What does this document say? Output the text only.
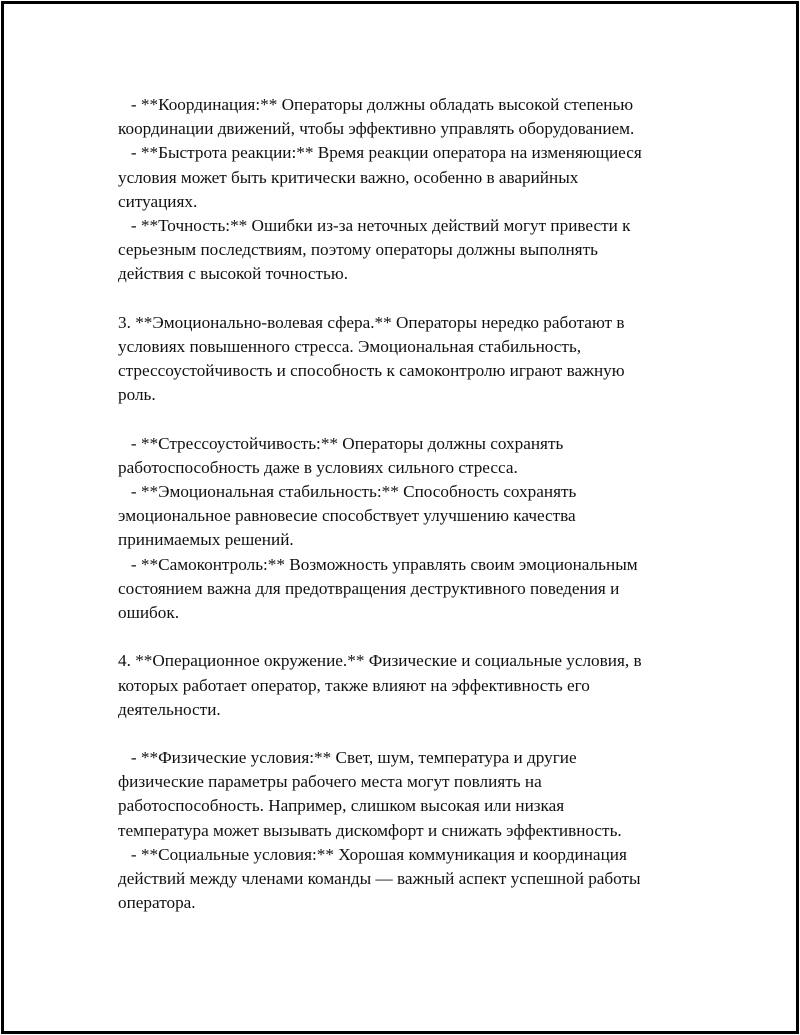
- **Координация:** Операторы должны обладать высокой степенью
координации движений, чтобы эффективно управлять оборудованием.
- **Быстрота реакции:** Время реакции оператора на изменяющиеся
условия может быть критически важно, особенно в аварийных
ситуациях.
- **Точность:** Ошибки из-за неточных действий могут привести к
серьезным последствиям, поэтому операторы должны выполнять
действия с высокой точностью.
3. **Эмоционально-волевая сфера.** Операторы нередко работают в
условиях повышенного стресса. Эмоциональная стабильность,
стрессоустойчивость и способность к самоконтролю играют важную
роль.
- **Стрессоустойчивость:** Операторы должны сохранять
работоспособность даже в условиях сильного стресса.
- **Эмоциональная стабильность:** Способность сохранять
эмоциональное равновесие способствует улучшению качества
принимаемых решений.
- **Самоконтроль:** Возможность управлять своим эмоциональным
состоянием важна для предотвращения деструктивного поведения и
ошибок.
4. **Операционное окружение.** Физические и социальные условия, в
которых работает оператор, также влияют на эффективность его
деятельности.
- **Физические условия:** Свет, шум, температура и другие
физические параметры рабочего места могут повлиять на
работоспособность. Например, слишком высокая или низкая
температура может вызывать дискомфорт и снижать эффективность.
- **Социальные условия:** Хорошая коммуникация и координация
действий между членами команды — важный аспект успешной работы
оператора.
